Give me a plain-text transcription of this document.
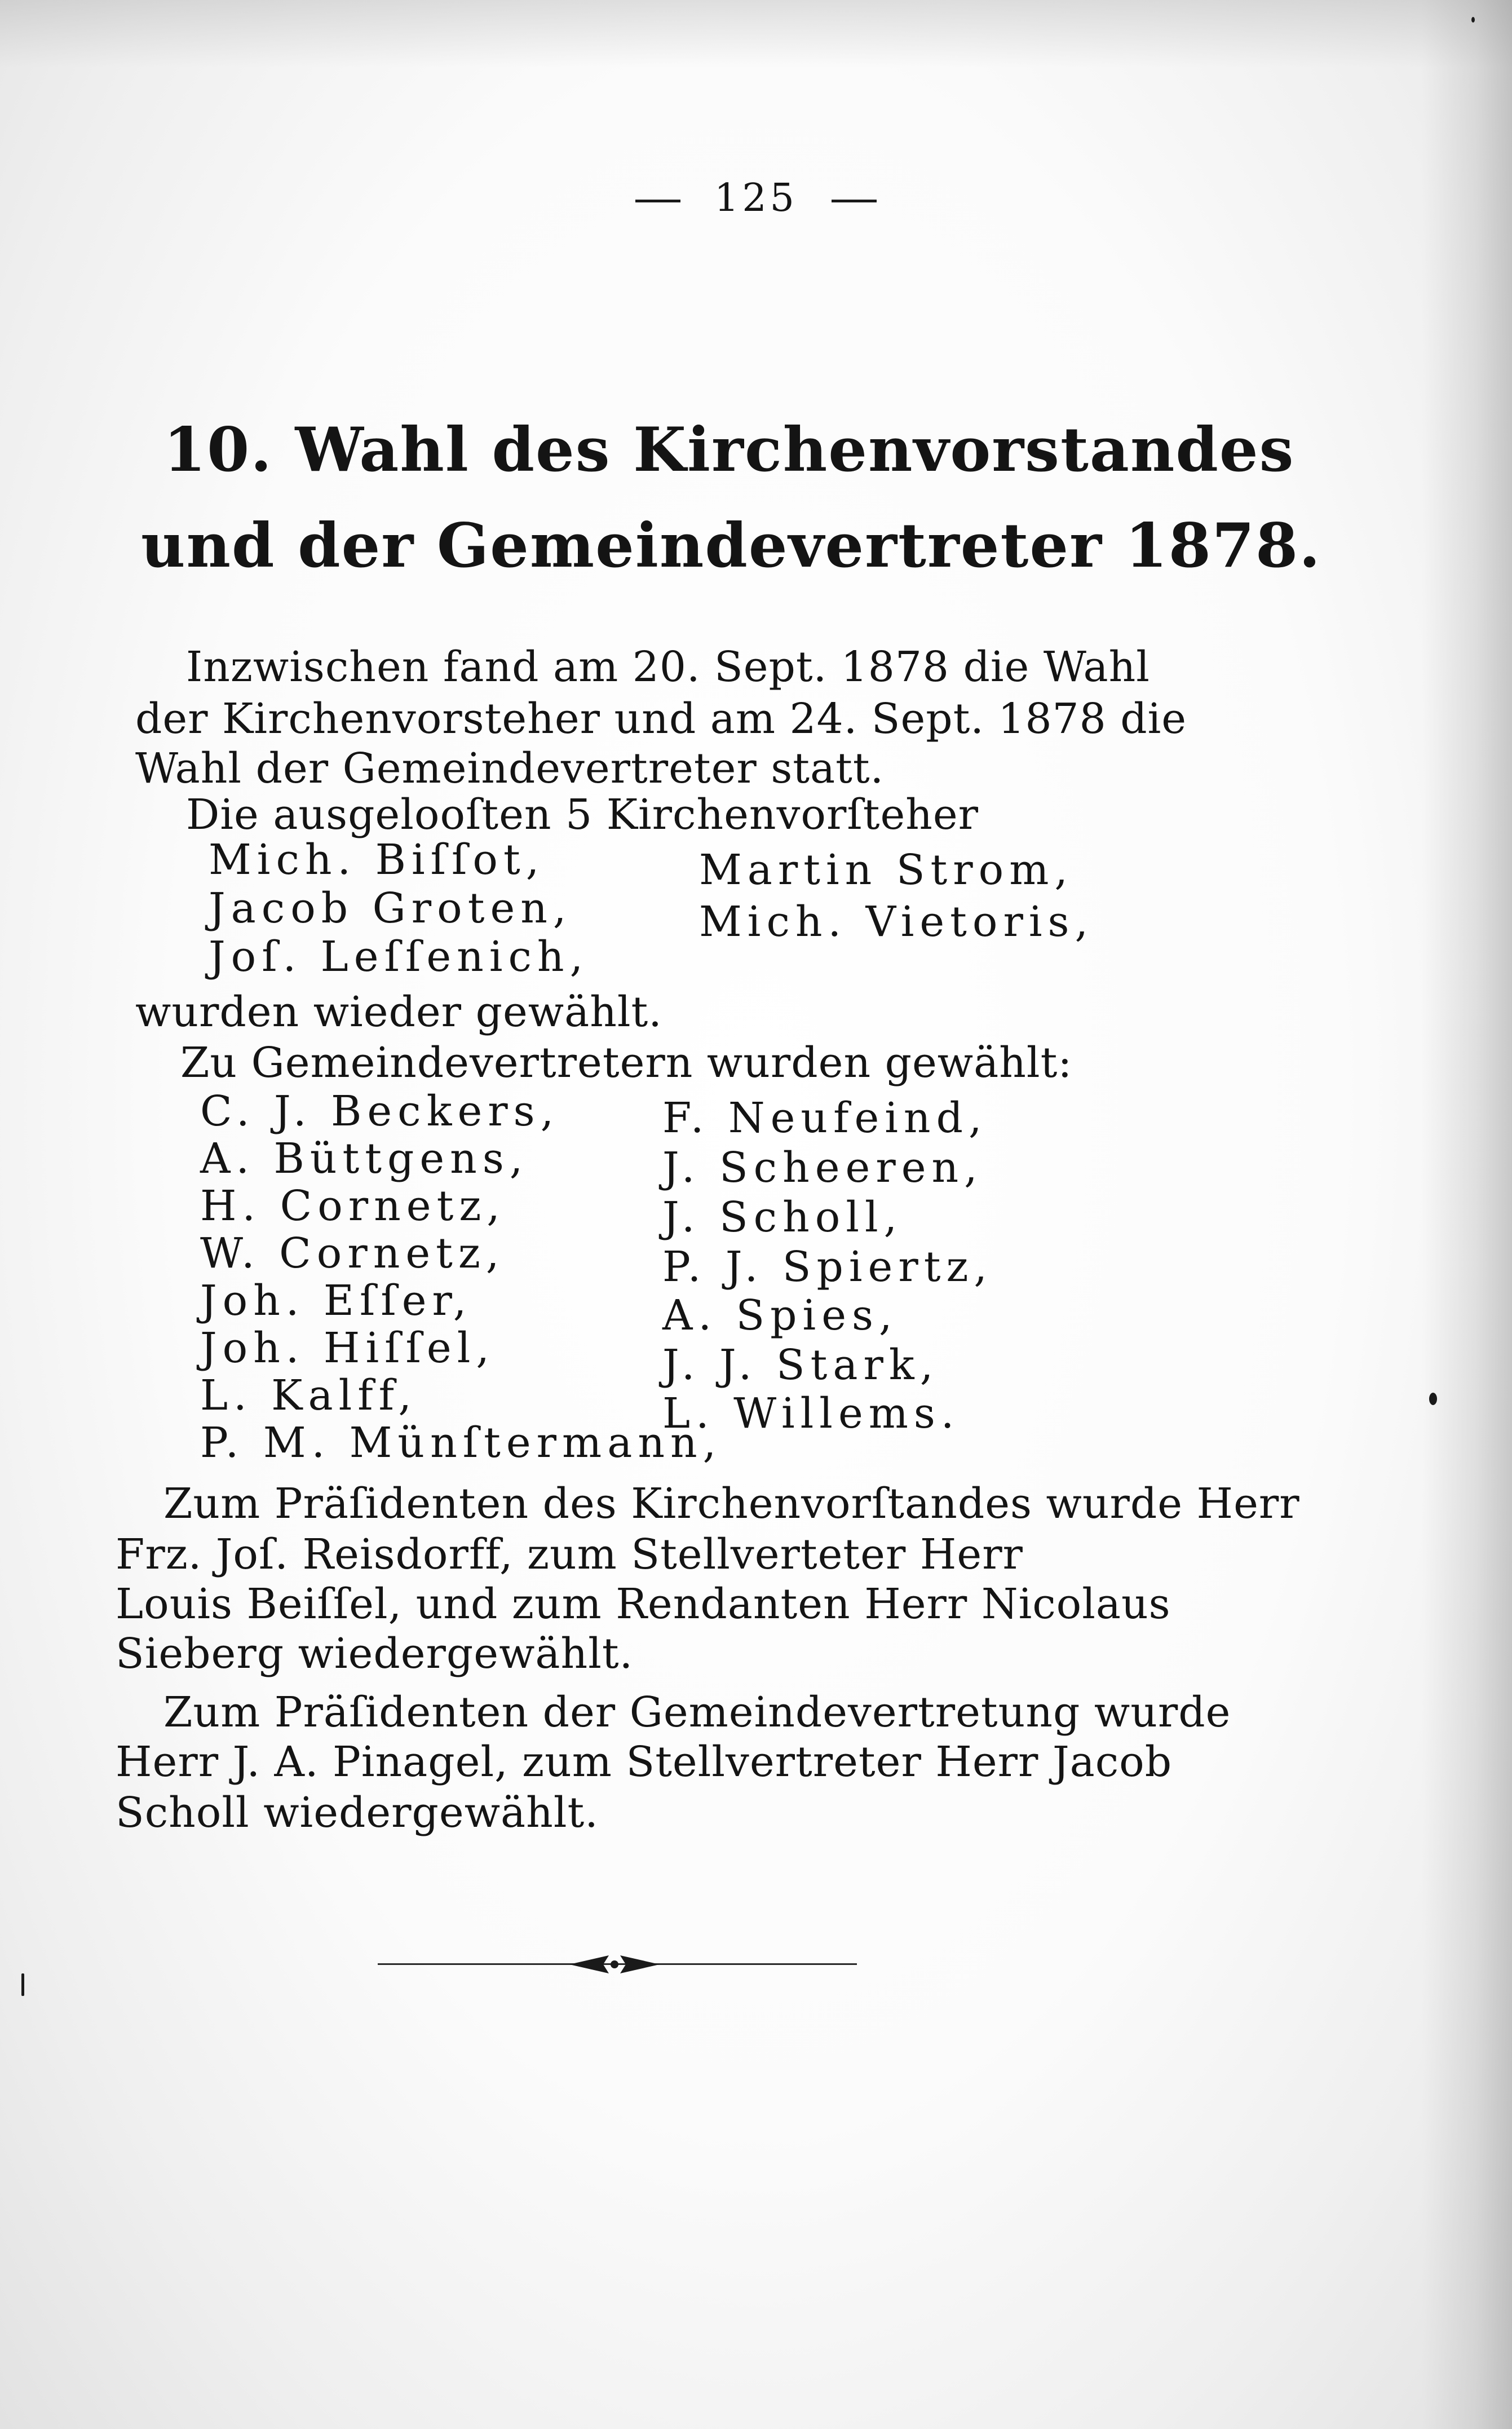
125
10. Wahl des Kirchenvorstandes
und der Gemeindevertreter 1878.
Inzwischen fand am 20. Sept. 1878 die Wahl
der Kirchenvorsteher und am 24. Sept. 1878 die
Wahl der Gemeindevertreter statt.
Die ausgelooſten 5 Kirchenvorſteher
Mich. Biſſot,
Jacob Groten,
Joſ. Leſſenich,
Martin Strom,
Mich. Vietoris,
wurden wieder gewählt.
Zu Gemeindevertretern wurden gewählt:
C. J. Beckers,
A. Büttgens,
H. Cornetz,
W. Cornetz,
Joh. Eſſer,
Joh. Hiſſel,
L. Kalff,
P. M. Münſtermann,
F. Neufeind,
J. Scheeren,
J. Scholl,
P. J. Spiertz,
A. Spies,
J. J. Stark,
L. Willems.
Zum Präſidenten des Kirchenvorſtandes wurde Herr
Frz. Joſ. Reisdorff, zum Stellverteter Herr
Louis Beiſſel, und zum Rendanten Herr Nicolaus
Sieberg wiedergewählt.
Zum Präſidenten der Gemeindevertretung wurde
Herr J. A. Pinagel, zum Stellvertreter Herr Jacob
Scholl wiedergewählt.
